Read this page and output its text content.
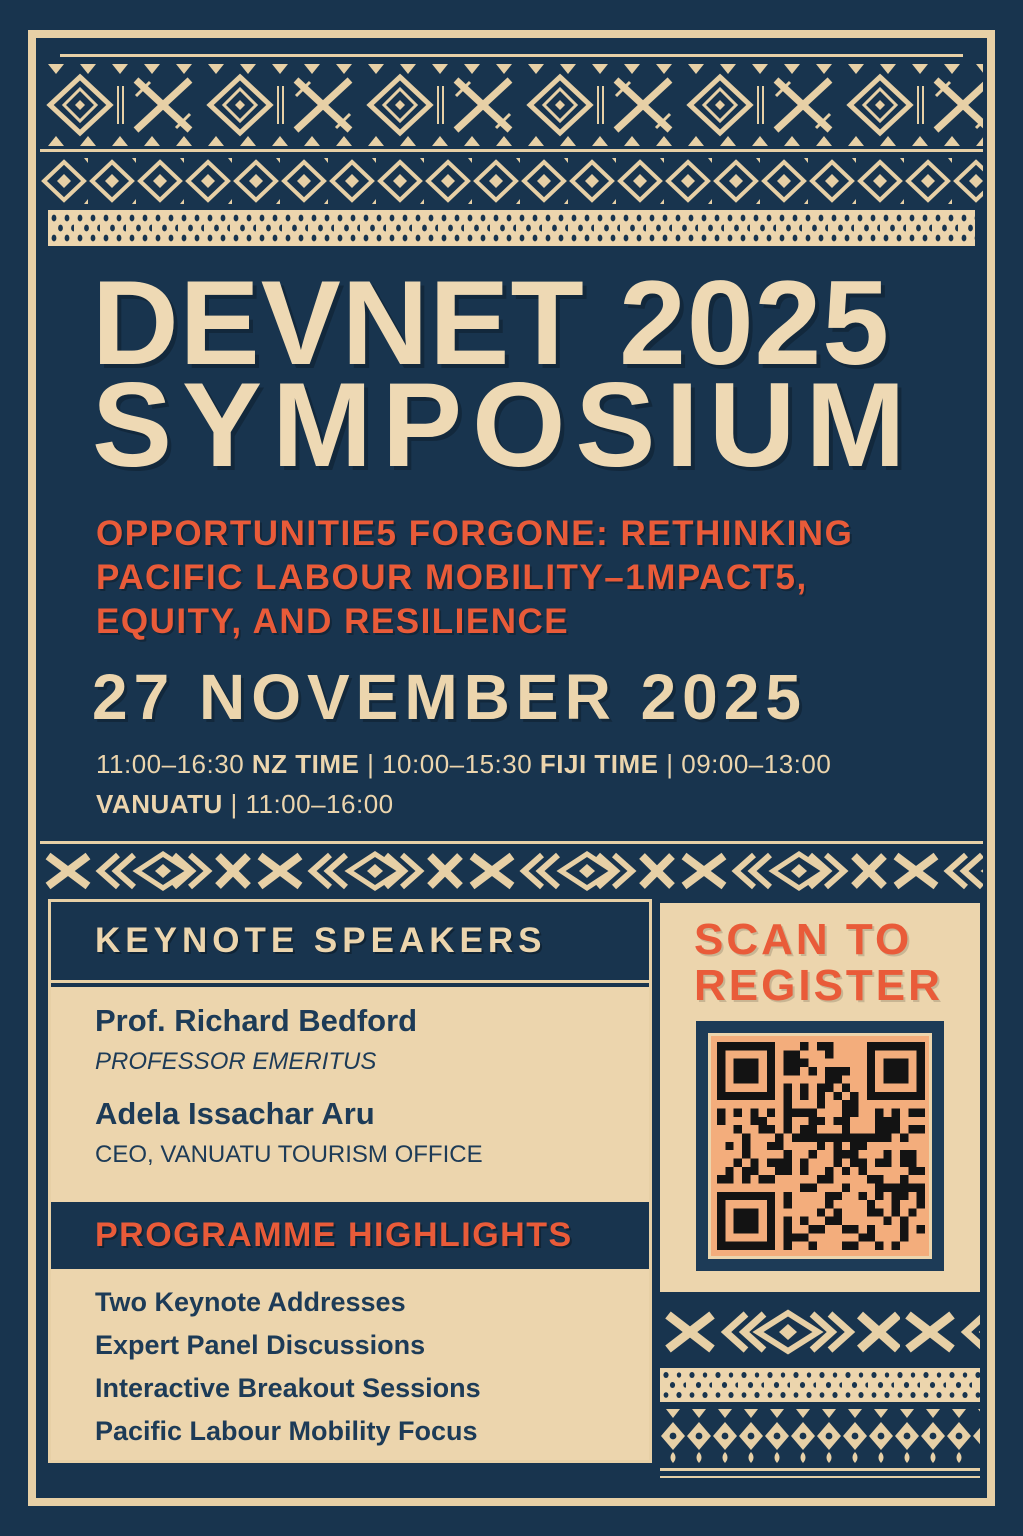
DEVNET 2025
SYMPOSIUM
OPPORTUNITIE5 FORGONE: RETHINKING
PACIFIC LABOUR MOBILITY–1MPACT5,
EQUITY, AND RESILIENCE
27 NOVEMBER 2025
11:00–16:30 NZ TIME | 10:00–15:30 FIJI TIME | 09:00–13:00
VANUATU | 11:00–16:00
KEYNOTE SPEAKERS
Prof. Richard Bedford
PROFESSOR EMERITUS
Adela Issachar Aru
CEO, VANUATU TOURISM OFFICE
PROGRAMME HIGHLIGHTS
Two Keynote Addresses
Expert Panel Discussions
Interactive Breakout Sessions
Pacific Labour Mobility Focus
SCAN TO
REGISTER
